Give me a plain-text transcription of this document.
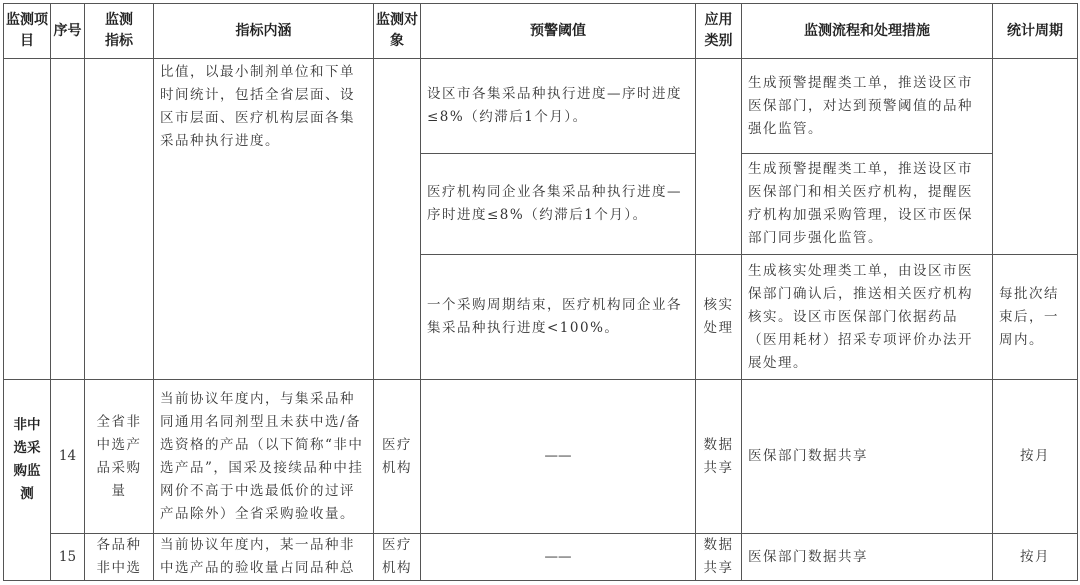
监测项目	序号	监测指标	指标内涵	监测对象	预警阈值	应用类别	监测流程和处理措施	统计周期
			比值，以最小制剂单位和下单时间统计，包括全省层面、设区市层面、医疗机构层面各集采品种执行进度。		设区市各集采品种执行进度—序时进度≤8%（约滞后1个月）。		生成预警提醒类工单，推送设区市医保部门，对达到预警阈值的品种强化监管。	
					医疗机构同企业各集采品种执行进度—序时进度≤8%（约滞后1个月）。		生成预警提醒类工单，推送设区市医保部门和相关医疗机构，提醒医疗机构加强采购管理，设区市医保部门同步强化监管。	
					一个采购周期结束，医疗机构同企业各集采品种执行进度<100%。	核实处理	生成核实处理类工单，由设区市医保部门确认后，推送相关医疗机构核实。设区市医保部门依据药品（医用耗材）招采专项评价办法开展处理。	每批次结束后，一周内。
非中选采购监测	14	全省非中选产品采购量	当前协议年度内，与集采品种同通用名同剂型且未获中选/备选资格的产品（以下简称“非中选产品”，国采及接续品种中挂网价不高于中选最低价的过评产品除外）全省采购验收量。	医疗机构	——	数据共享	医保部门数据共享	按月
	15	各品种非中选	当前协议年度内，某一品种非中选产品的验收量占同品种总	医疗机构	——	数据共享	医保部门数据共享	按月
